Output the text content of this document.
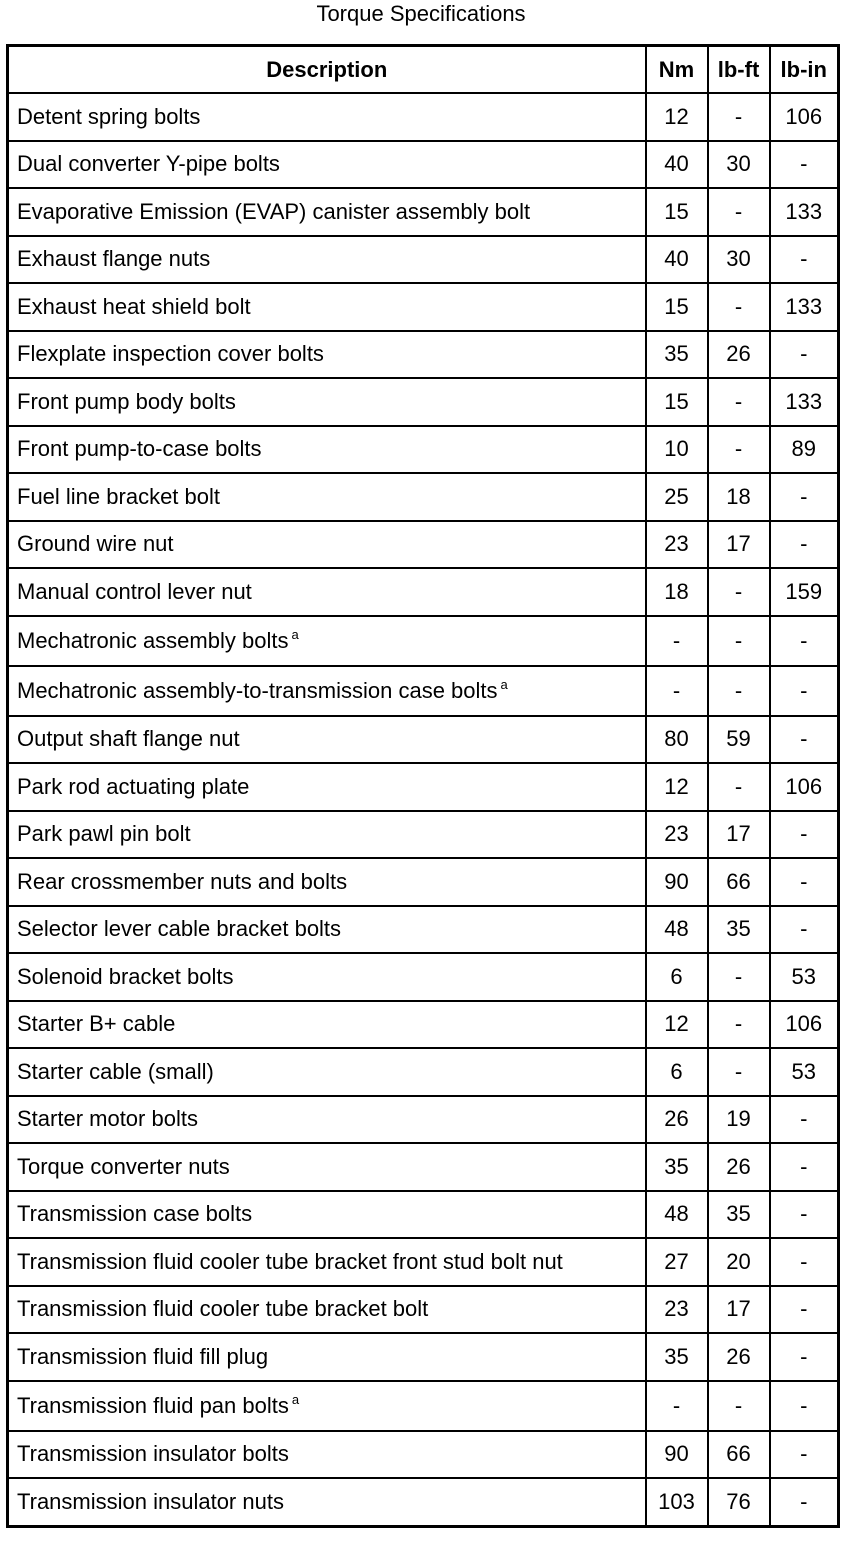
Torque Specifications
Description	Nm	lb-ft	lb-in
Detent spring bolts	12	-	106
Dual converter Y-pipe bolts	40	30	-
Evaporative Emission (EVAP) canister assembly bolt	15	-	133
Exhaust flange nuts	40	30	-
Exhaust heat shield bolt	15	-	133
Flexplate inspection cover bolts	35	26	-
Front pump body bolts	15	-	133
Front pump-to-case bolts	10	-	89
Fuel line bracket bolt	25	18	-
Ground wire nut	23	17	-
Manual control lever nut	18	-	159
Mechatronic assembly bolts $^a$	-	-	-
Mechatronic assembly-to-transmission case bolts $^a$	-	-	-
Output shaft flange nut	80	59	-
Park rod actuating plate	12	-	106
Park pawl pin bolt	23	17	-
Rear crossmember nuts and bolts	90	66	-
Selector lever cable bracket bolts	48	35	-
Solenoid bracket bolts	6	-	53
Starter B+ cable	12	-	106
Starter cable (small)	6	-	53
Starter motor bolts	26	19	-
Torque converter nuts	35	26	-
Transmission case bolts	48	35	-
Transmission fluid cooler tube bracket front stud bolt nut	27	20	-
Transmission fluid cooler tube bracket bolt	23	17	-
Transmission fluid fill plug	35	26	-
Transmission fluid pan bolts $^a$	-	-	-
Transmission insulator bolts	90	66	-
Transmission insulator nuts	103	76	-
